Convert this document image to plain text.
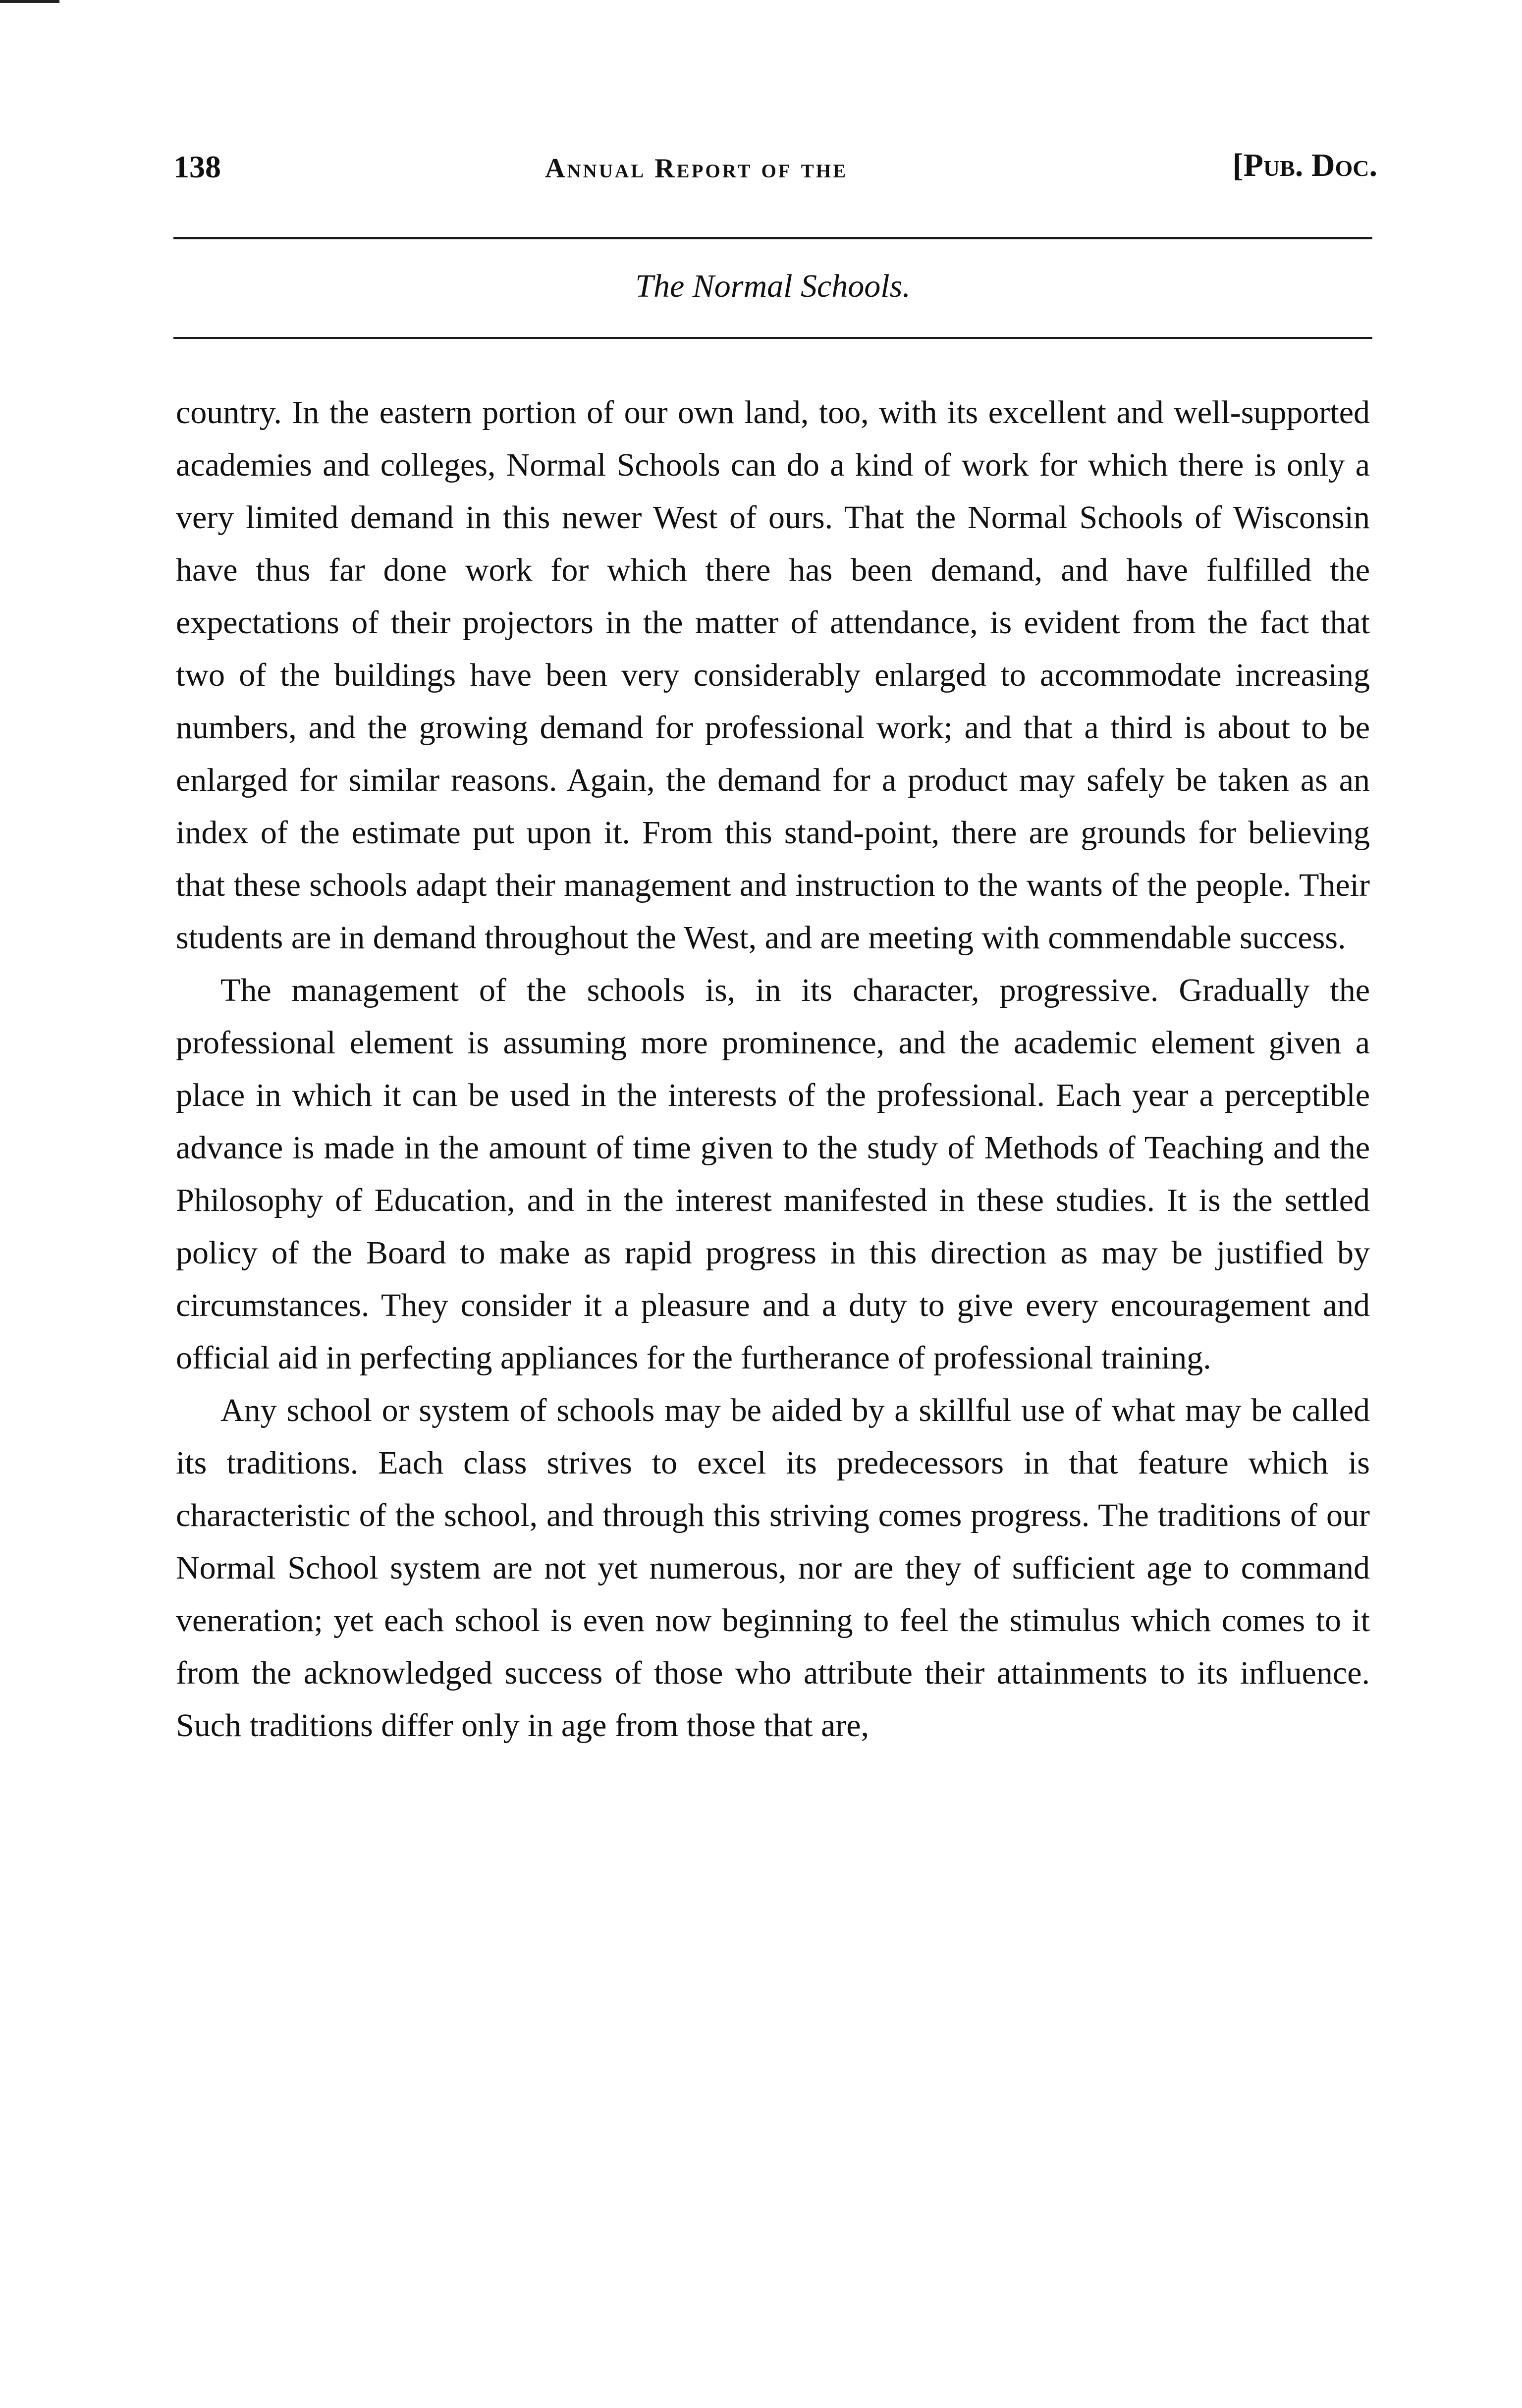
138	Annual Report of the	[Pub. Doc.
The Normal Schools.

country. In the eastern portion of our own land, too, with its excellent and well-supported academies and colleges, Normal Schools can do a kind of work for which there is only a very limited demand in this newer West of ours. That the Normal Schools of Wisconsin have thus far done work for which there has been demand, and have fulfilled the expectations of their projectors in the matter of attendance, is evident from the fact that two of the buildings have been very considerably enlarged to accommodate increasing numbers, and the growing demand for professional work; and that a third is about to be enlarged for similar reasons. Again, the demand for a product may safely be taken as an index of the estimate put upon it. From this stand-point, there are grounds for believing that these schools adapt their management and instruction to the wants of the people. Their students are in demand throughout the West, and are meeting with commendable success.

The management of the schools is, in its character, progressive. Gradually the professional element is assuming more prominence, and the academic element given a place in which it can be used in the interests of the professional. Each year a perceptible advance is made in the amount of time given to the study of Methods of Teaching and the Philosophy of Education, and in the interest manifested in these studies. It is the settled policy of the Board to make as rapid progress in this direction as may be justified by circumstances. They consider it a pleasure and a duty to give every encouragement and official aid in perfecting appliances for the furtherance of professional training.

Any school or system of schools may be aided by a skillful use of what may be called its traditions. Each class strives to excel its predecessors in that feature which is characteristic of the school, and through this striving comes progress. The traditions of our Normal School system are not yet numerous, nor are they of sufficient age to command veneration; yet each school is even now beginning to feel the stimulus which comes to it from the acknowledged success of those who attribute their attainments to its influence. Such traditions differ only in age from those that are,
